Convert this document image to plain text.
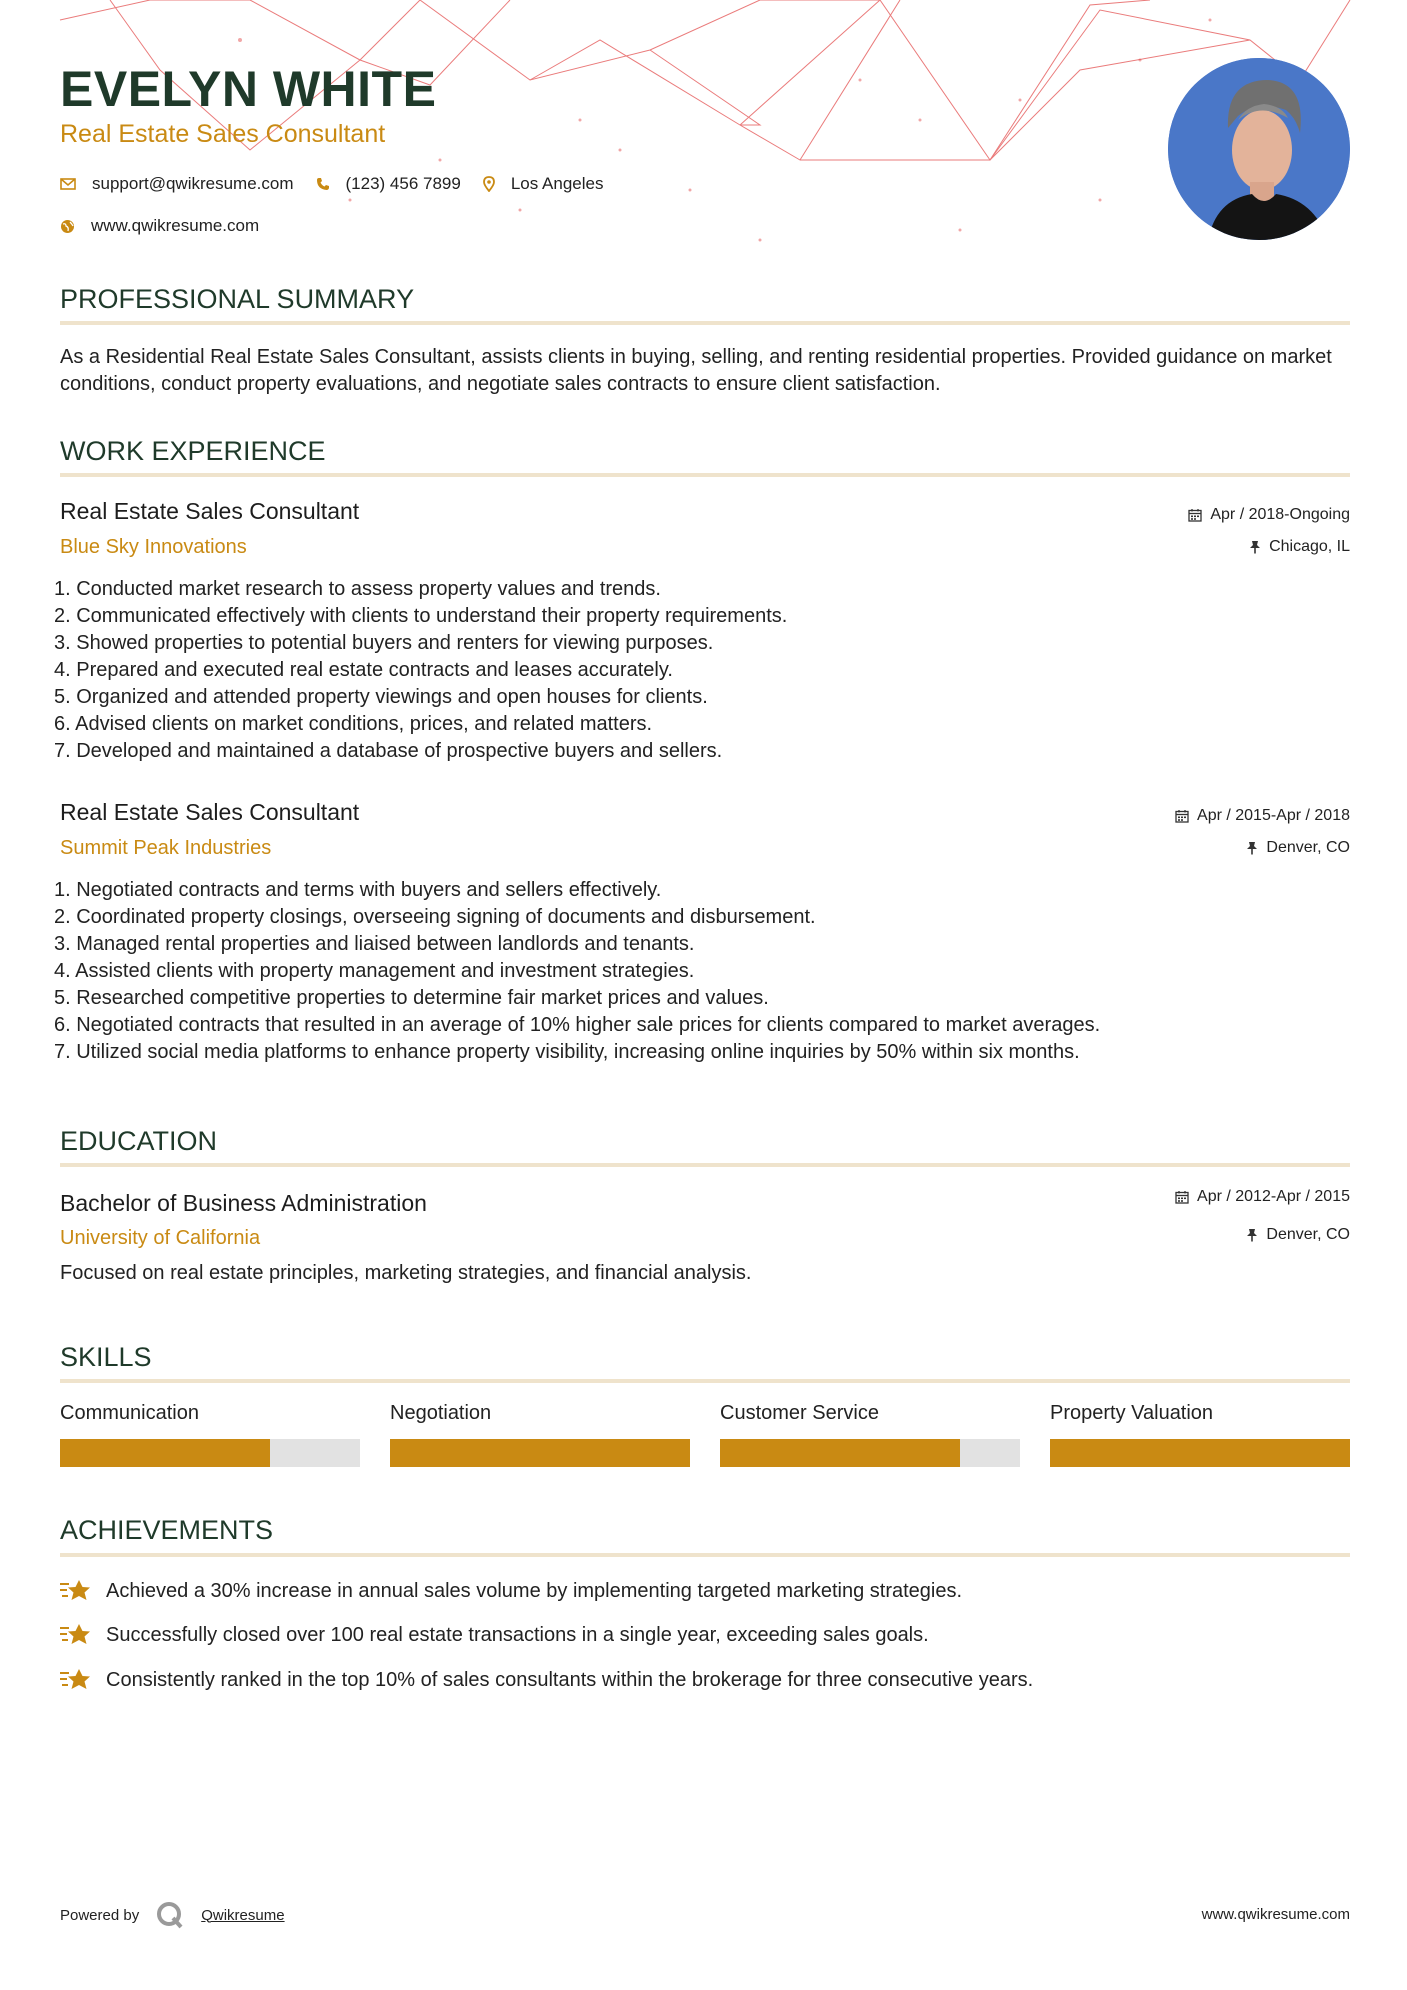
EVELYN WHITE
Real Estate Sales Consultant
support@qwikresume.com	(123) 456 7899	Los Angeles
www.qwikresume.com
PROFESSIONAL SUMMARY
As a Residential Real Estate Sales Consultant, assists clients in buying, selling, and renting residential properties. Provided guidance on market conditions, conduct property evaluations, and negotiate sales contracts to ensure client satisfaction.
WORK EXPERIENCE
Real Estate Sales Consultant
Blue Sky Innovations
Apr / 2018-Ongoing
Chicago, IL
1. Conducted market research to assess property values and trends.
2. Communicated effectively with clients to understand their property requirements.
3. Showed properties to potential buyers and renters for viewing purposes.
4. Prepared and executed real estate contracts and leases accurately.
5. Organized and attended property viewings and open houses for clients.
6. Advised clients on market conditions, prices, and related matters.
7. Developed and maintained a database of prospective buyers and sellers.
Real Estate Sales Consultant
Summit Peak Industries
Apr / 2015-Apr / 2018
Denver, CO
1. Negotiated contracts and terms with buyers and sellers effectively.
2. Coordinated property closings, overseeing signing of documents and disbursement.
3. Managed rental properties and liaised between landlords and tenants.
4. Assisted clients with property management and investment strategies.
5. Researched competitive properties to determine fair market prices and values.
6. Negotiated contracts that resulted in an average of 10% higher sale prices for clients compared to market averages.
7. Utilized social media platforms to enhance property visibility, increasing online inquiries by 50% within six months.
EDUCATION
Bachelor of Business Administration
University of California
Apr / 2012-Apr / 2015
Denver, CO
Focused on real estate principles, marketing strategies, and financial analysis.
SKILLS
Communication	Negotiation	Customer Service	Property Valuation
ACHIEVEMENTS
Achieved a 30% increase in annual sales volume by implementing targeted marketing strategies.
Successfully closed over 100 real estate transactions in a single year, exceeding sales goals.
Consistently ranked in the top 10% of sales consultants within the brokerage for three consecutive years.
Powered by	Qwikresume	www.qwikresume.com
